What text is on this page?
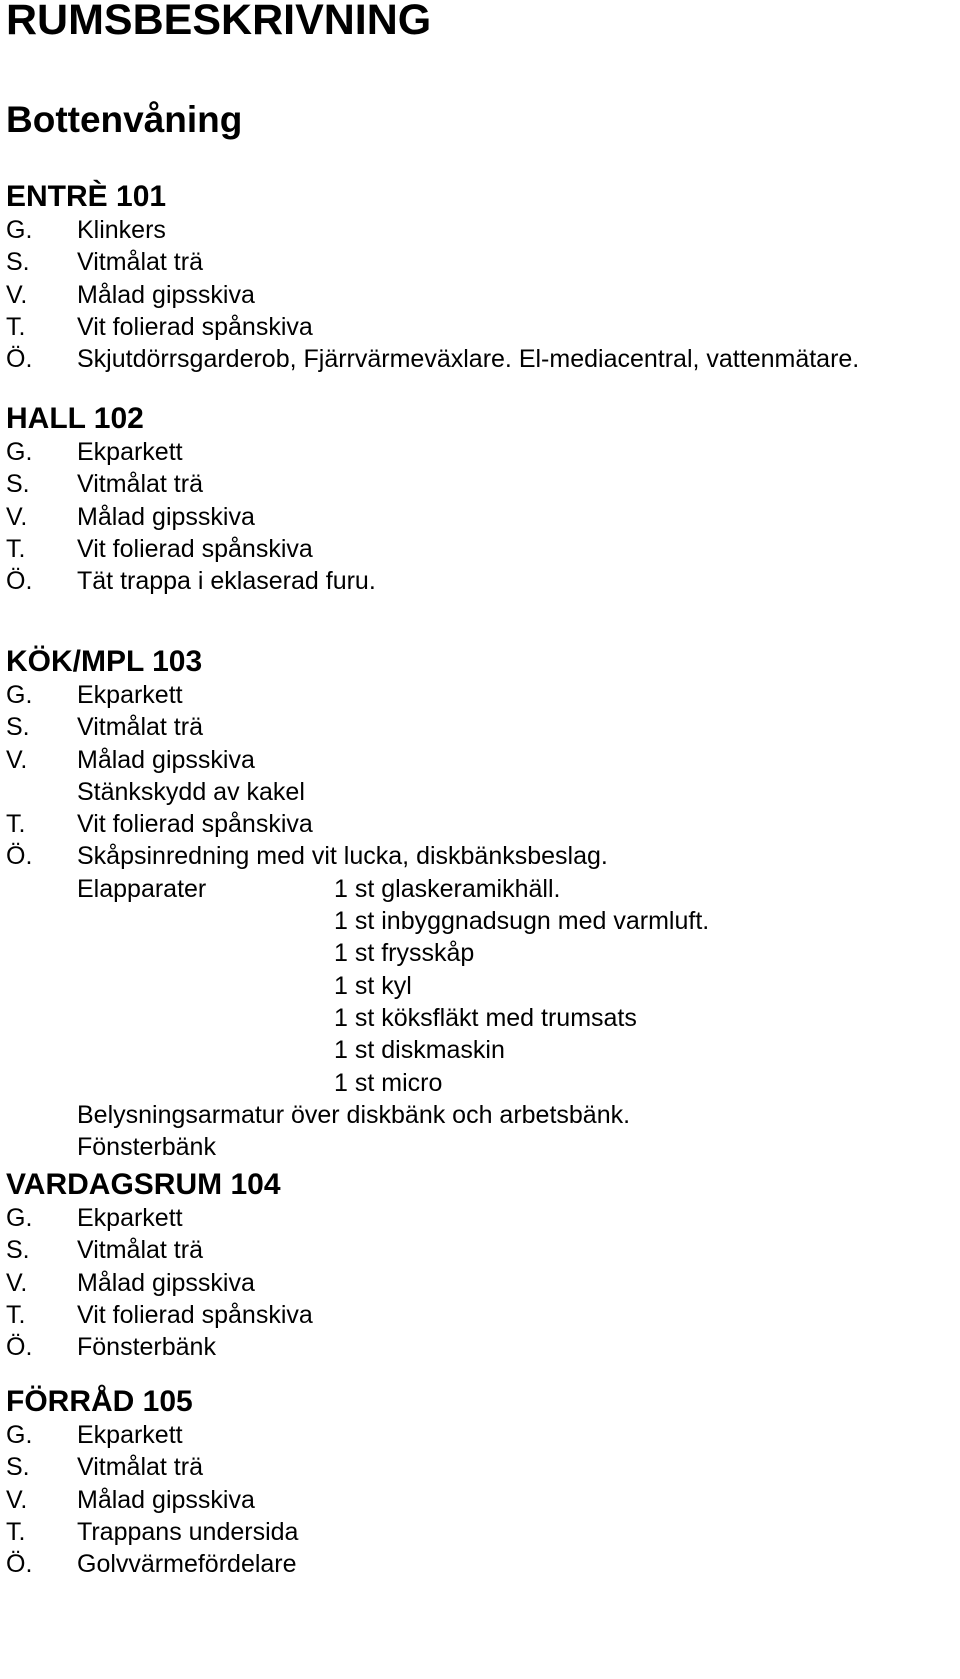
RUMSBESKRIVNING
Bottenvåning
ENTRÈ 101
G. Klinkers
S. Vitmålat trä
V. Målad gipsskiva
T. Vit folierad spånskiva
Ö. Skjutdörrsgarderob, Fjärrvärmeväxlare. El-mediacentral, vattenmätare.
HALL 102
G. Ekparkett
S. Vitmålat trä
V. Målad gipsskiva
T. Vit folierad spånskiva
Ö. Tät trappa i eklaserad furu.
KÖK/MPL 103
G. Ekparkett
S. Vitmålat trä
V. Målad gipsskiva
Stänkskydd av kakel
T. Vit folierad spånskiva
Ö. Skåpsinredning med vit lucka, diskbänksbeslag.
Elapparater	1 st glaskeramikhäll.
1 st inbyggnadsugn med varmluft.
1 st frysskåp
1 st kyl
1 st köksfläkt med trumsats
1 st diskmaskin
1 st micro
Belysningsarmatur över diskbänk och arbetsbänk.
Fönsterbänk
VARDAGSRUM 104
G. Ekparkett
S. Vitmålat trä
V. Målad gipsskiva
T. Vit folierad spånskiva
Ö. Fönsterbänk
FÖRRÅD 105
G. Ekparkett
S. Vitmålat trä
V. Målad gipsskiva
T. Trappans undersida
Ö. Golvvärmefördelare
